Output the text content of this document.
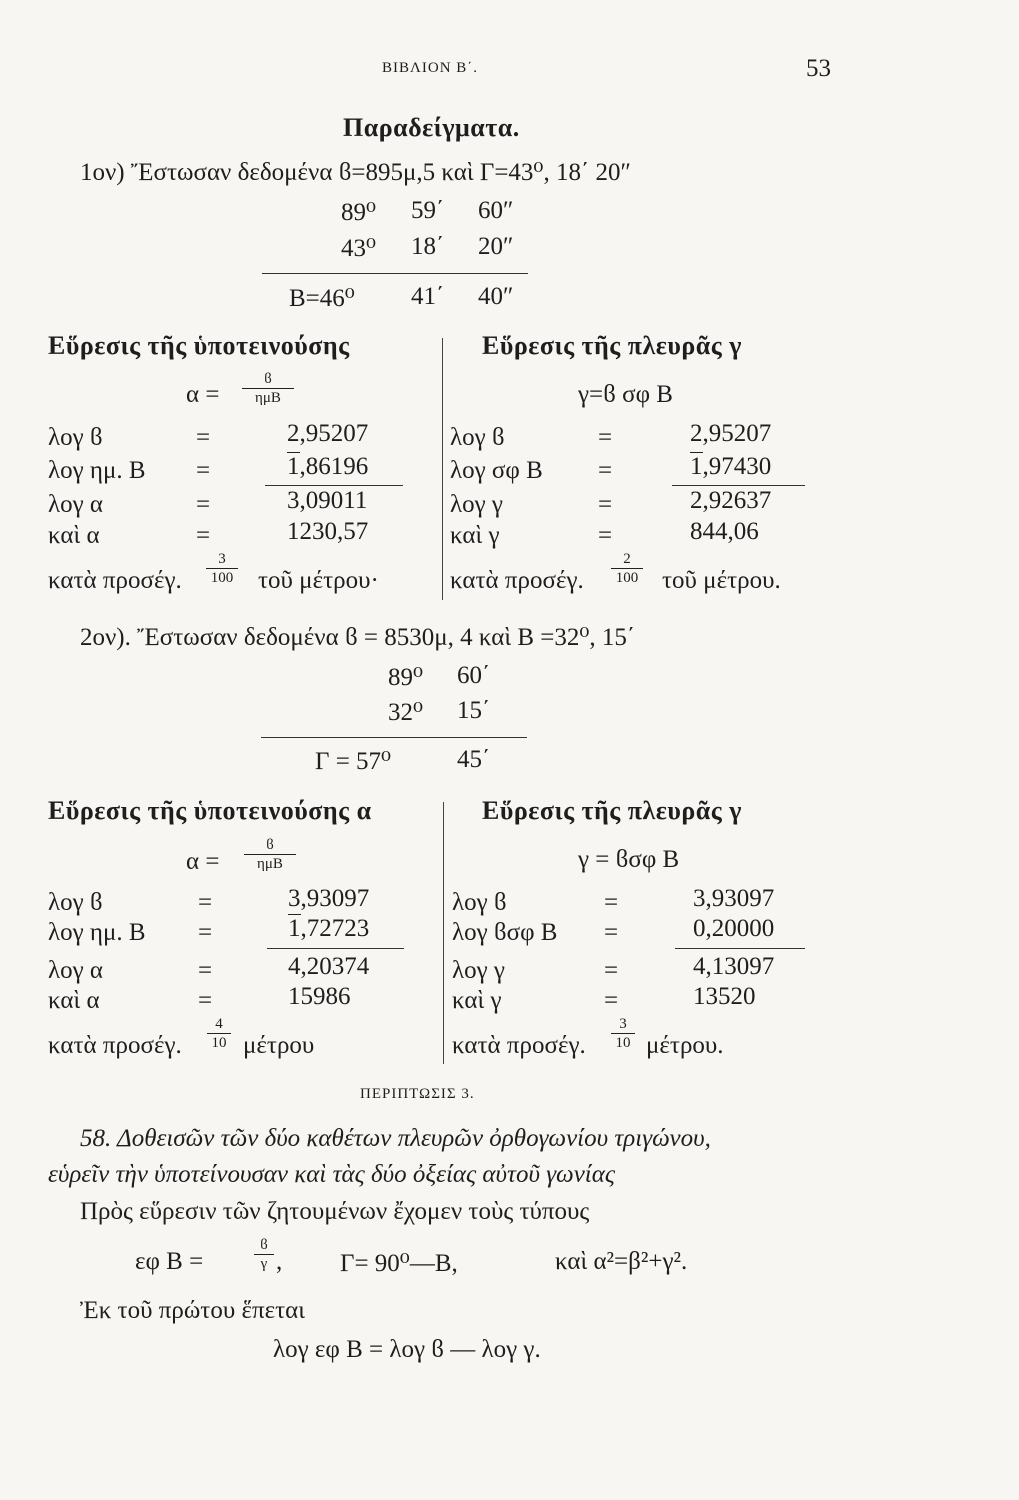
ΒΙΒΛΙΟΝ Β΄.	53
Παραδείγματα.
1ον) Ἔστωσαν δεδομένα ϐ=895μ,5 καὶ Γ=43⁰, 18΄ 20″
89⁰ 59΄ 60″
43⁰ 18΄ 20″
Β=46⁰ 41΄ 40″
Εὕρεσις τῆς ὑποτεινούσης
α =
ϐ
ημΒ
λογ ϐ	=	2,95207
λογ ημ. Β =	1,86196
λογ α	=	3,09011
καὶ α	=	1230,57
κατὰ προσέγ. $\frac{3}{100}$ τοῦ μέτρου·
Εὕρεσις τῆς πλευρᾶς γ
γ=ϐ σφ Β
λογ ϐ	=	2,95207
λογ σφ Β =	1,97430
λογ γ	=	2,92637
καὶ γ	=	844,06
κατὰ προσέγ. $\frac{2}{100}$ τοῦ μέτρου.
2ον). Ἔστωσαν δεδομένα ϐ = 8530μ, 4 καὶ Β =32⁰, 15΄
89⁰ 60΄
32⁰ 15΄
Γ = 57⁰	45΄
Εὕρεσις τῆς ὑποτεινούσης α
α =
ϐ
ημΒ
λογ ϐ	=	3,93097
λογ ημ. Β =	1,72723
λογ α	=	4,20374
καὶ α	=	15986
κατὰ προσέγ. $\frac{4}{10}$ μέτρου
Εὕρεσις τῆς πλευρᾶς γ
γ = ϐσφ Β
λογ ϐ	=	3,93097
λογ ϐσφ Β =	0,20000
λογ γ	=	4,13097
καὶ γ	=	13520
κατὰ προσέγ. $\frac{3}{10} \mu έ\tau\rho o\upsilon$.
ΠΕΡΙΠΤΩΣΙΣ 3.
58. Δοθεισῶν τῶν δύο καθέτων πλευρῶν ὀρθογωνίου τριγώνου,
εὑρεῖν τὴν ὑποτείνουσαν καὶ τὰς δύο ὀξείας αὐτοῦ γωνίας
Πρὸς εὕρεσιν τῶν ζητουμένων ἔχομεν τοὺς τύπους
εφ Β =	$\frac{ϐ}{\gamma}$ , Γ= 90⁰—Β,	καὶ α²=β²+γ².
Ἐκ τοῦ πρώτου ἕπεται
λογ εφ Β = λογ ϐ — λογ γ.
